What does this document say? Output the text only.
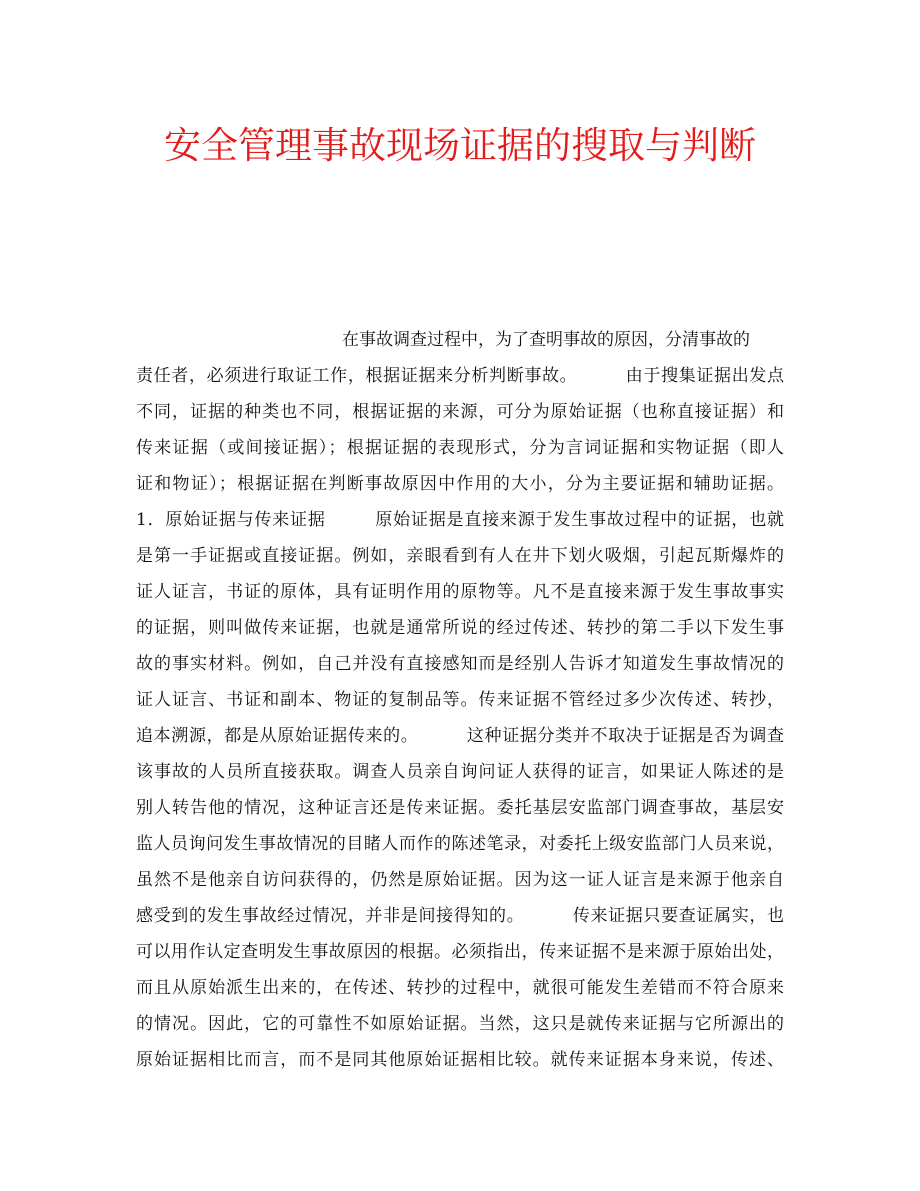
安全管理事故现场证据的搜取与判断
在事故调查过程中，为了查明事故的原因，分清事故的
责任者，必须进行取证工作，根据证据来分析判断事故。        由于搜集证据出发点
不同，证据的种类也不同，根据证据的来源，可分为原始证据（也称直接证据）和
传来证据（或间接证据）；根据证据的表现形式，分为言词证据和实物证据（即人
证和物证）；根据证据在判断事故原因中作用的大小，分为主要证据和辅助证据。
1．原始证据与传来证据        原始证据是直接来源于发生事故过程中的证据，也就
是第一手证据或直接证据。例如，亲眼看到有人在井下划火吸烟，引起瓦斯爆炸的
证人证言，书证的原体，具有证明作用的原物等。凡不是直接来源于发生事故事实
的证据，则叫做传来证据，也就是通常所说的经过传述、转抄的第二手以下发生事
故的事实材料。例如，自己并没有直接感知而是经别人告诉才知道发生事故情况的
证人证言、书证和副本、物证的复制品等。传来证据不管经过多少次传述、转抄，
追本溯源，都是从原始证据传来的。        这种证据分类并不取决于证据是否为调查
该事故的人员所直接获取。调查人员亲自询问证人获得的证言，如果证人陈述的是
别人转告他的情况，这种证言还是传来证据。委托基层安监部门调查事故，基层安
监人员询问发生事故情况的目睹人而作的陈述笔录，对委托上级安监部门人员来说，
虽然不是他亲自访问获得的，仍然是原始证据。因为这一证人证言是来源于他亲自
感受到的发生事故经过情况，并非是间接得知的。        传来证据只要查证属实，也
可以用作认定查明发生事故原因的根据。必须指出，传来证据不是来源于原始出处，
而且从原始派生出来的，在传述、转抄的过程中，就很可能发生差错而不符合原来
的情况。因此，它的可靠性不如原始证据。当然，这只是就传来证据与它所源出的
原始证据相比而言，而不是同其他原始证据相比较。就传来证据本身来说，传述、
